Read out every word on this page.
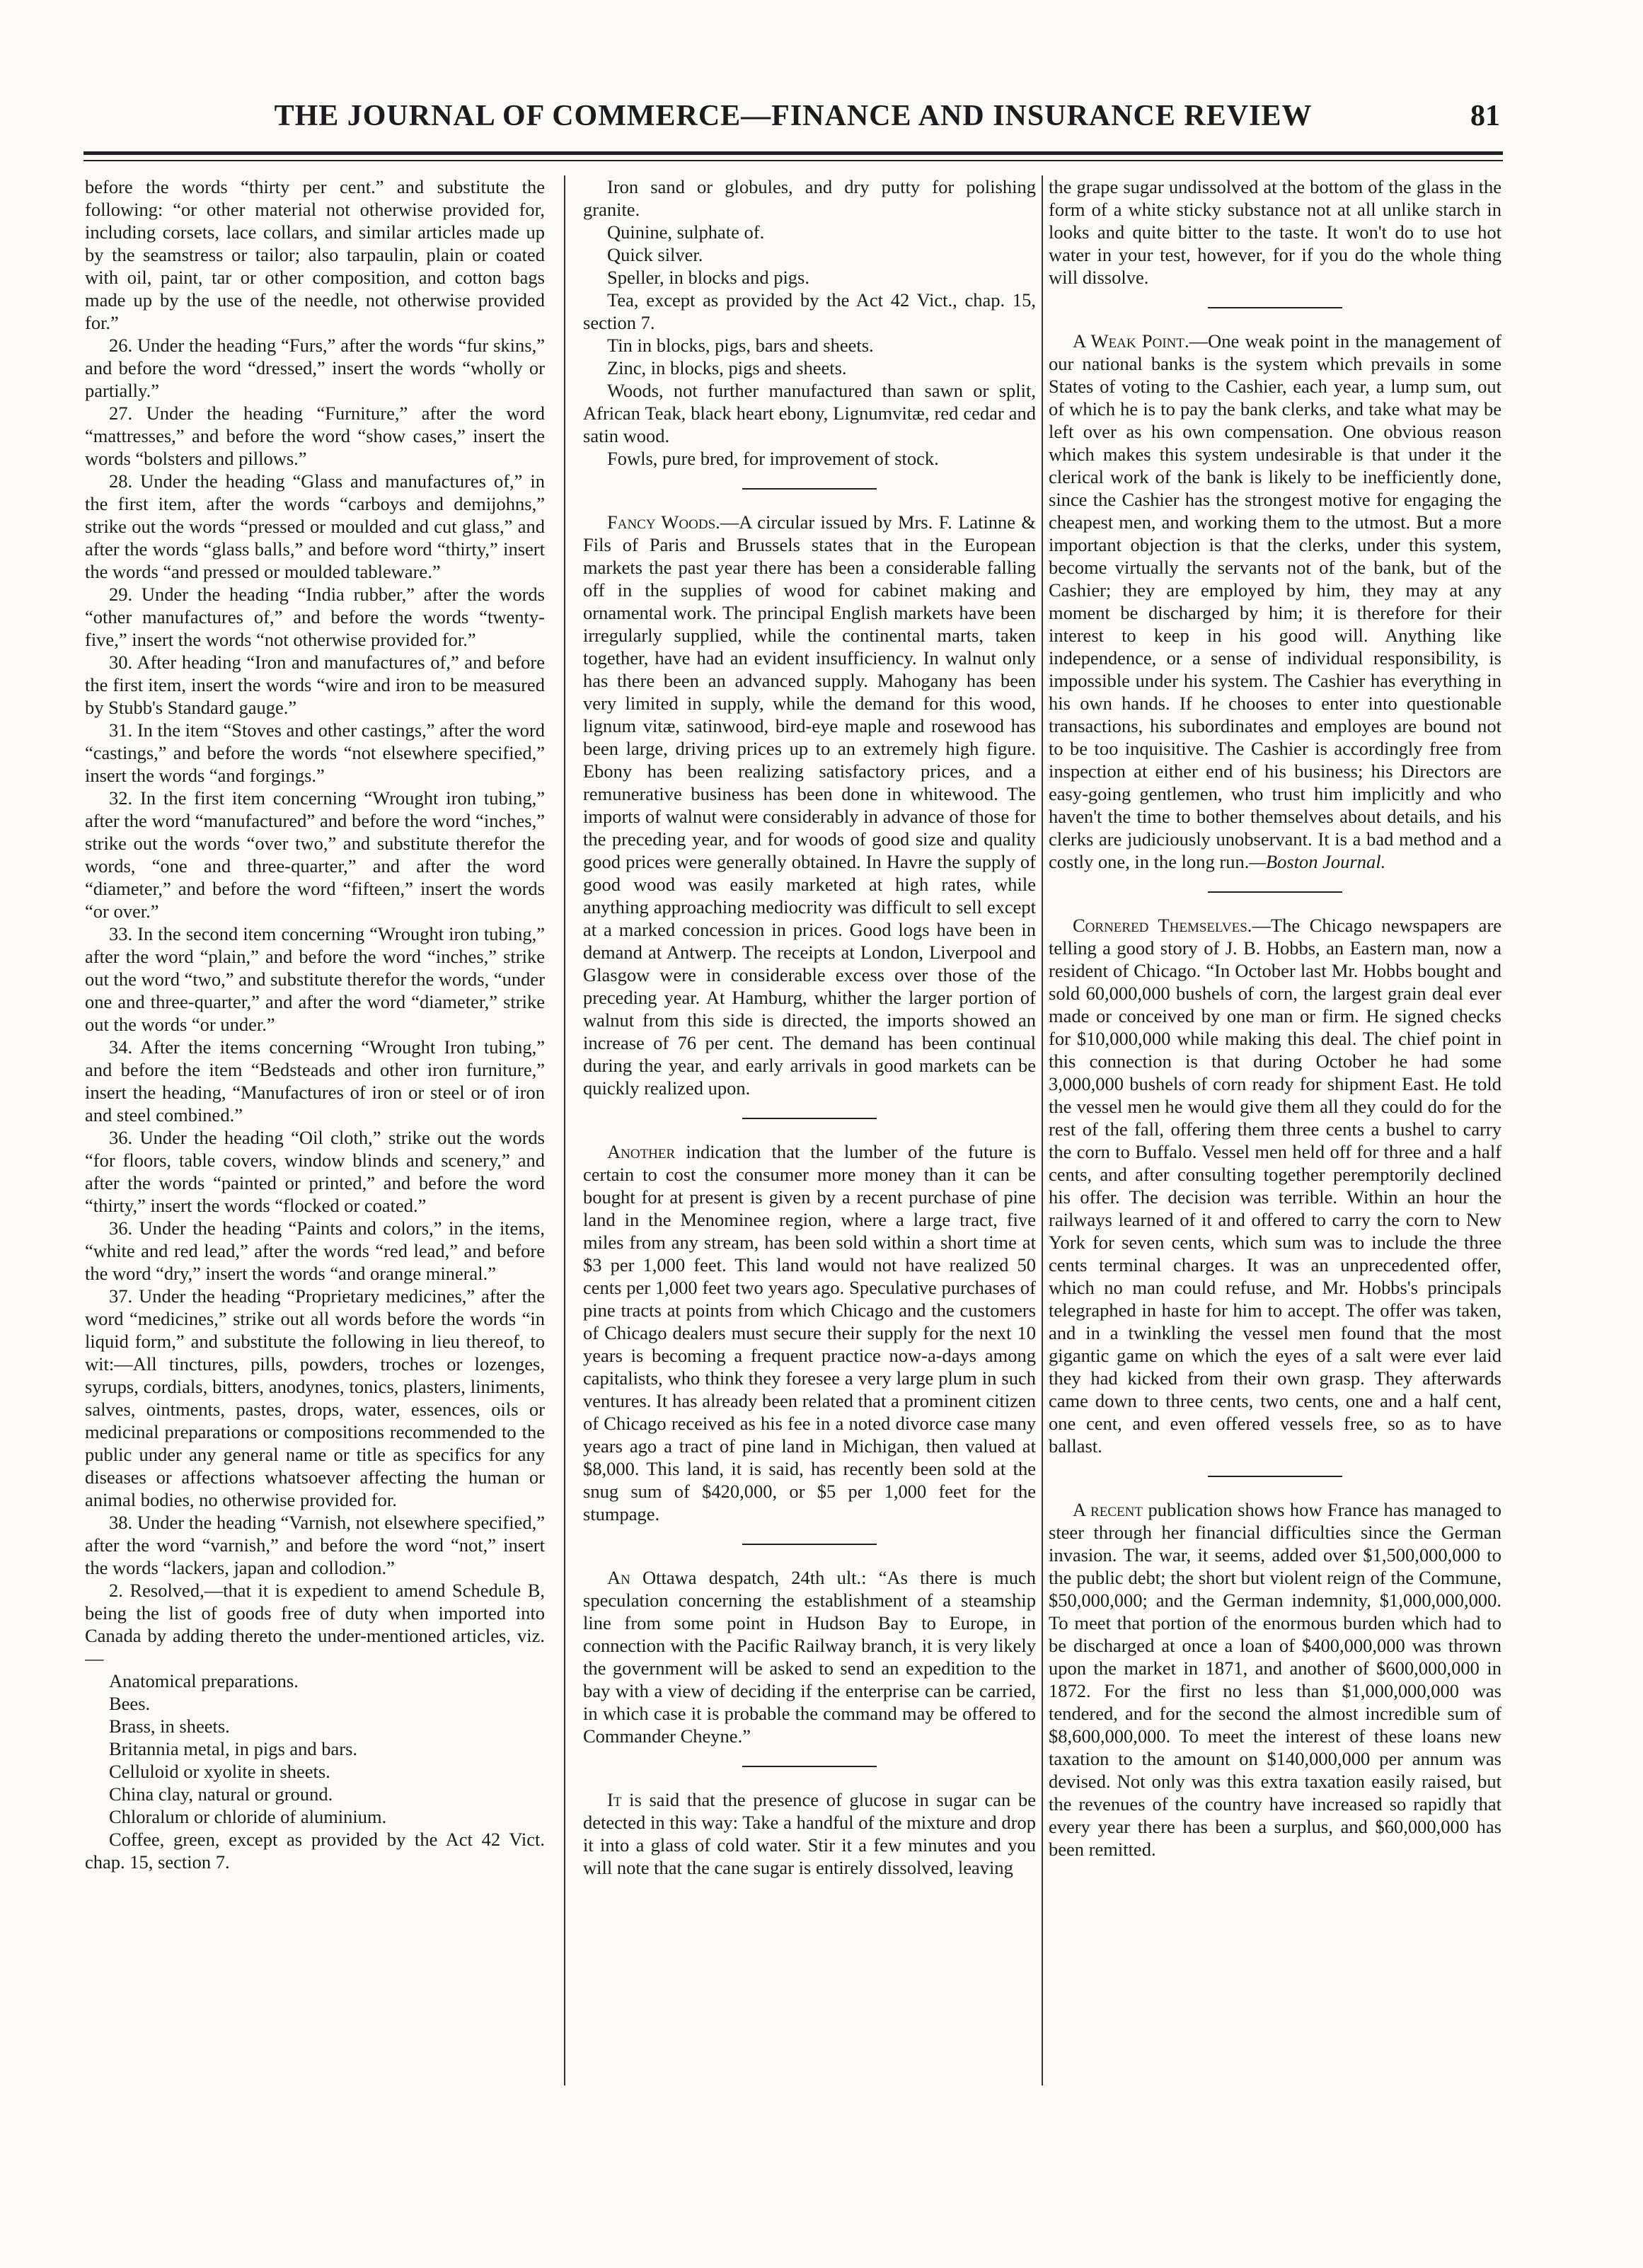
THE JOURNAL OF COMMERCE—FINANCE AND INSURANCE REVIEW	81

before the words “thirty per cent.” and substitute the following: “or other material not otherwise provided for, including corsets, lace collars, and similar articles made up by the seamstress or tailor; also tarpaulin, plain or coated with oil, paint, tar or other composition, and cotton bags made up by the use of the needle, not otherwise provided for.”

26. Under the heading “Furs,” after the words “fur skins,” and before the word “dressed,” insert the words “wholly or partially.”

27. Under the heading “Furniture,” after the word “mattresses,” and before the word “show cases,” insert the words “bolsters and pillows.”

28. Under the heading “Glass and manufactures of,” in the first item, after the words “carboys and demijohns,” strike out the words “pressed or moulded and cut glass,” and after the words “glass balls,” and before word “thirty,” insert the words “and pressed or moulded tableware.”

29. Under the heading “India rubber,” after the words “other manufactures of,” and before the words “twenty-five,” insert the words “not otherwise provided for.”

30. After heading “Iron and manufactures of,” and before the first item, insert the words “wire and iron to be measured by Stubb's Standard gauge.”

31. In the item “Stoves and other castings,” after the word “castings,” and before the words “not elsewhere specified,” insert the words “and forgings.”

32. In the first item concerning “Wrought iron tubing,” after the word “manufactured” and before the word “inches,” strike out the words “over two,” and substitute therefor the words, “one and three-quarter,” and after the word “diameter,” and before the word “fifteen,” insert the words “or over.”

33. In the second item concerning “Wrought iron tubing,” after the word “plain,” and before the word “inches,” strike out the word “two,” and substitute therefor the words, “under one and three-quarter,” and after the word “diameter,” strike out the words “or under.”

34. After the items concerning “Wrought Iron tubing,” and before the item “Bedsteads and other iron furniture,” insert the heading, “Manufactures of iron or steel or of iron and steel combined.”

36. Under the heading “Oil cloth,” strike out the words “for floors, table covers, window blinds and scenery,” and after the words “painted or printed,” and before the word “thirty,” insert the words “flocked or coated.”

36. Under the heading “Paints and colors,” in the items, “white and red lead,” after the words “red lead,” and before the word “dry,” insert the words “and orange mineral.”

37. Under the heading “Proprietary medicines,” after the word “medicines,” strike out all words before the words “in liquid form,” and substitute the following in lieu thereof, to wit:—All tinctures, pills, powders, troches or lozenges, syrups, cordials, bitters, anodynes, tonics, plasters, liniments, salves, ointments, pastes, drops, water, essences, oils or medicinal preparations or compositions recommended to the public under any general name or title as specifics for any diseases or affections whatsoever affecting the human or animal bodies, no otherwise provided for.

38. Under the heading “Varnish, not elsewhere specified,” after the word “varnish,” and before the word “not,” insert the words “lackers, japan and collodion.”

2. Resolved,—that it is expedient to amend Schedule B, being the list of goods free of duty when imported into Canada by adding thereto the under-mentioned articles, viz.—

Anatomical preparations.

Bees.

Brass, in sheets.

Britannia metal, in pigs and bars.

Celluloid or xyolite in sheets.

China clay, natural or ground.

Chloralum or chloride of aluminium.

Coffee, green, except as provided by the Act 42 Vict. chap. 15, section 7.

Iron sand or globules, and dry putty for polishing granite.

Quinine, sulphate of.

Quick silver.

Speller, in blocks and pigs.

Tea, except as provided by the Act 42 Vict., chap. 15, section 7.

Tin in blocks, pigs, bars and sheets.

Zinc, in blocks, pigs and sheets.

Woods, not further manufactured than sawn or split, African Teak, black heart ebony, Lignumvitæ, red cedar and satin wood.

Fowls, pure bred, for improvement of stock.

Fancy Woods.—A circular issued by Mrs. F. Latinne & Fils of Paris and Brussels states that in the European markets the past year there has been a considerable falling off in the supplies of wood for cabinet making and ornamental work. The principal English markets have been irregularly supplied, while the continental marts, taken together, have had an evident insufficiency. In walnut only has there been an advanced supply. Mahogany has been very limited in supply, while the demand for this wood, lignum vitæ, satinwood, bird-eye maple and rosewood has been large, driving prices up to an extremely high figure. Ebony has been realizing satisfactory prices, and a remunerative business has been done in whitewood. The imports of walnut were considerably in advance of those for the preceding year, and for woods of good size and quality good prices were generally obtained. In Havre the supply of good wood was easily marketed at high rates, while anything approaching mediocrity was difficult to sell except at a marked concession in prices. Good logs have been in demand at Antwerp. The receipts at London, Liverpool and Glasgow were in considerable excess over those of the preceding year. At Hamburg, whither the larger portion of walnut from this side is directed, the imports showed an increase of 76 per cent. The demand has been continual during the year, and early arrivals in good markets can be quickly realized upon.

Another indication that the lumber of the future is certain to cost the consumer more money than it can be bought for at present is given by a recent purchase of pine land in the Menominee region, where a large tract, five miles from any stream, has been sold within a short time at $3 per 1,000 feet. This land would not have realized 50 cents per 1,000 feet two years ago. Speculative purchases of pine tracts at points from which Chicago and the customers of Chicago dealers must secure their supply for the next 10 years is becoming a frequent practice now-a-days among capitalists, who think they foresee a very large plum in such ventures. It has already been related that a prominent citizen of Chicago received as his fee in a noted divorce case many years ago a tract of pine land in Michigan, then valued at $8,000. This land, it is said, has recently been sold at the snug sum of $420,000, or $5 per 1,000 feet for the stumpage.

An Ottawa despatch, 24th ult.: “As there is much speculation concerning the establishment of a steamship line from some point in Hudson Bay to Europe, in connection with the Pacific Railway branch, it is very likely the government will be asked to send an expedition to the bay with a view of deciding if the enterprise can be carried, in which case it is probable the command may be offered to Commander Cheyne.”

It is said that the presence of glucose in sugar can be detected in this way: Take a handful of the mixture and drop it into a glass of cold water. Stir it a few minutes and you will note that the cane sugar is entirely dissolved, leaving

the grape sugar undissolved at the bottom of the glass in the form of a white sticky substance not at all unlike starch in looks and quite bitter to the taste. It won't do to use hot water in your test, however, for if you do the whole thing will dissolve.

A Weak Point.—One weak point in the management of our national banks is the system which prevails in some States of voting to the Cashier, each year, a lump sum, out of which he is to pay the bank clerks, and take what may be left over as his own compensation. One obvious reason which makes this system undesirable is that under it the clerical work of the bank is likely to be inefficiently done, since the Cashier has the strongest motive for engaging the cheapest men, and working them to the utmost. But a more important objection is that the clerks, under this system, become virtually the servants not of the bank, but of the Cashier; they are employed by him, they may at any moment be discharged by him; it is therefore for their interest to keep in his good will. Anything like independence, or a sense of individual responsibility, is impossible under his system. The Cashier has everything in his own hands. If he chooses to enter into questionable transactions, his subordinates and employes are bound not to be too inquisitive. The Cashier is accordingly free from inspection at either end of his business; his Directors are easy-going gentlemen, who trust him implicitly and who haven't the time to bother themselves about details, and his clerks are judiciously unobservant. It is a bad method and a costly one, in the long run.—Boston Journal.

Cornered Themselves.—The Chicago newspapers are telling a good story of J. B. Hobbs, an Eastern man, now a resident of Chicago. “In October last Mr. Hobbs bought and sold 60,000,000 bushels of corn, the largest grain deal ever made or conceived by one man or firm. He signed checks for $10,000,000 while making this deal. The chief point in this connection is that during October he had some 3,000,000 bushels of corn ready for shipment East. He told the vessel men he would give them all they could do for the rest of the fall, offering them three cents a bushel to carry the corn to Buffalo. Vessel men held off for three and a half cents, and after consulting together peremptorily declined his offer. The decision was terrible. Within an hour the railways learned of it and offered to carry the corn to New York for seven cents, which sum was to include the three cents terminal charges. It was an unprecedented offer, which no man could refuse, and Mr. Hobbs's principals telegraphed in haste for him to accept. The offer was taken, and in a twinkling the vessel men found that the most gigantic game on which the eyes of a salt were ever laid they had kicked from their own grasp. They afterwards came down to three cents, two cents, one and a half cent, one cent, and even offered vessels free, so as to have ballast.

A recent publication shows how France has managed to steer through her financial difficulties since the German invasion. The war, it seems, added over $1,500,000,000 to the public debt; the short but violent reign of the Commune, $50,000,000; and the German indemnity, $1,000,000,000. To meet that portion of the enormous burden which had to be discharged at once a loan of $400,000,000 was thrown upon the market in 1871, and another of $600,000,000 in 1872. For the first no less than $1,000,000,000 was tendered, and for the second the almost incredible sum of $8,600,000,000. To meet the interest of these loans new taxation to the amount on $140,000,000 per annum was devised. Not only was this extra taxation easily raised, but the revenues of the country have increased so rapidly that every year there has been a surplus, and $60,000,000 has been remitted.
